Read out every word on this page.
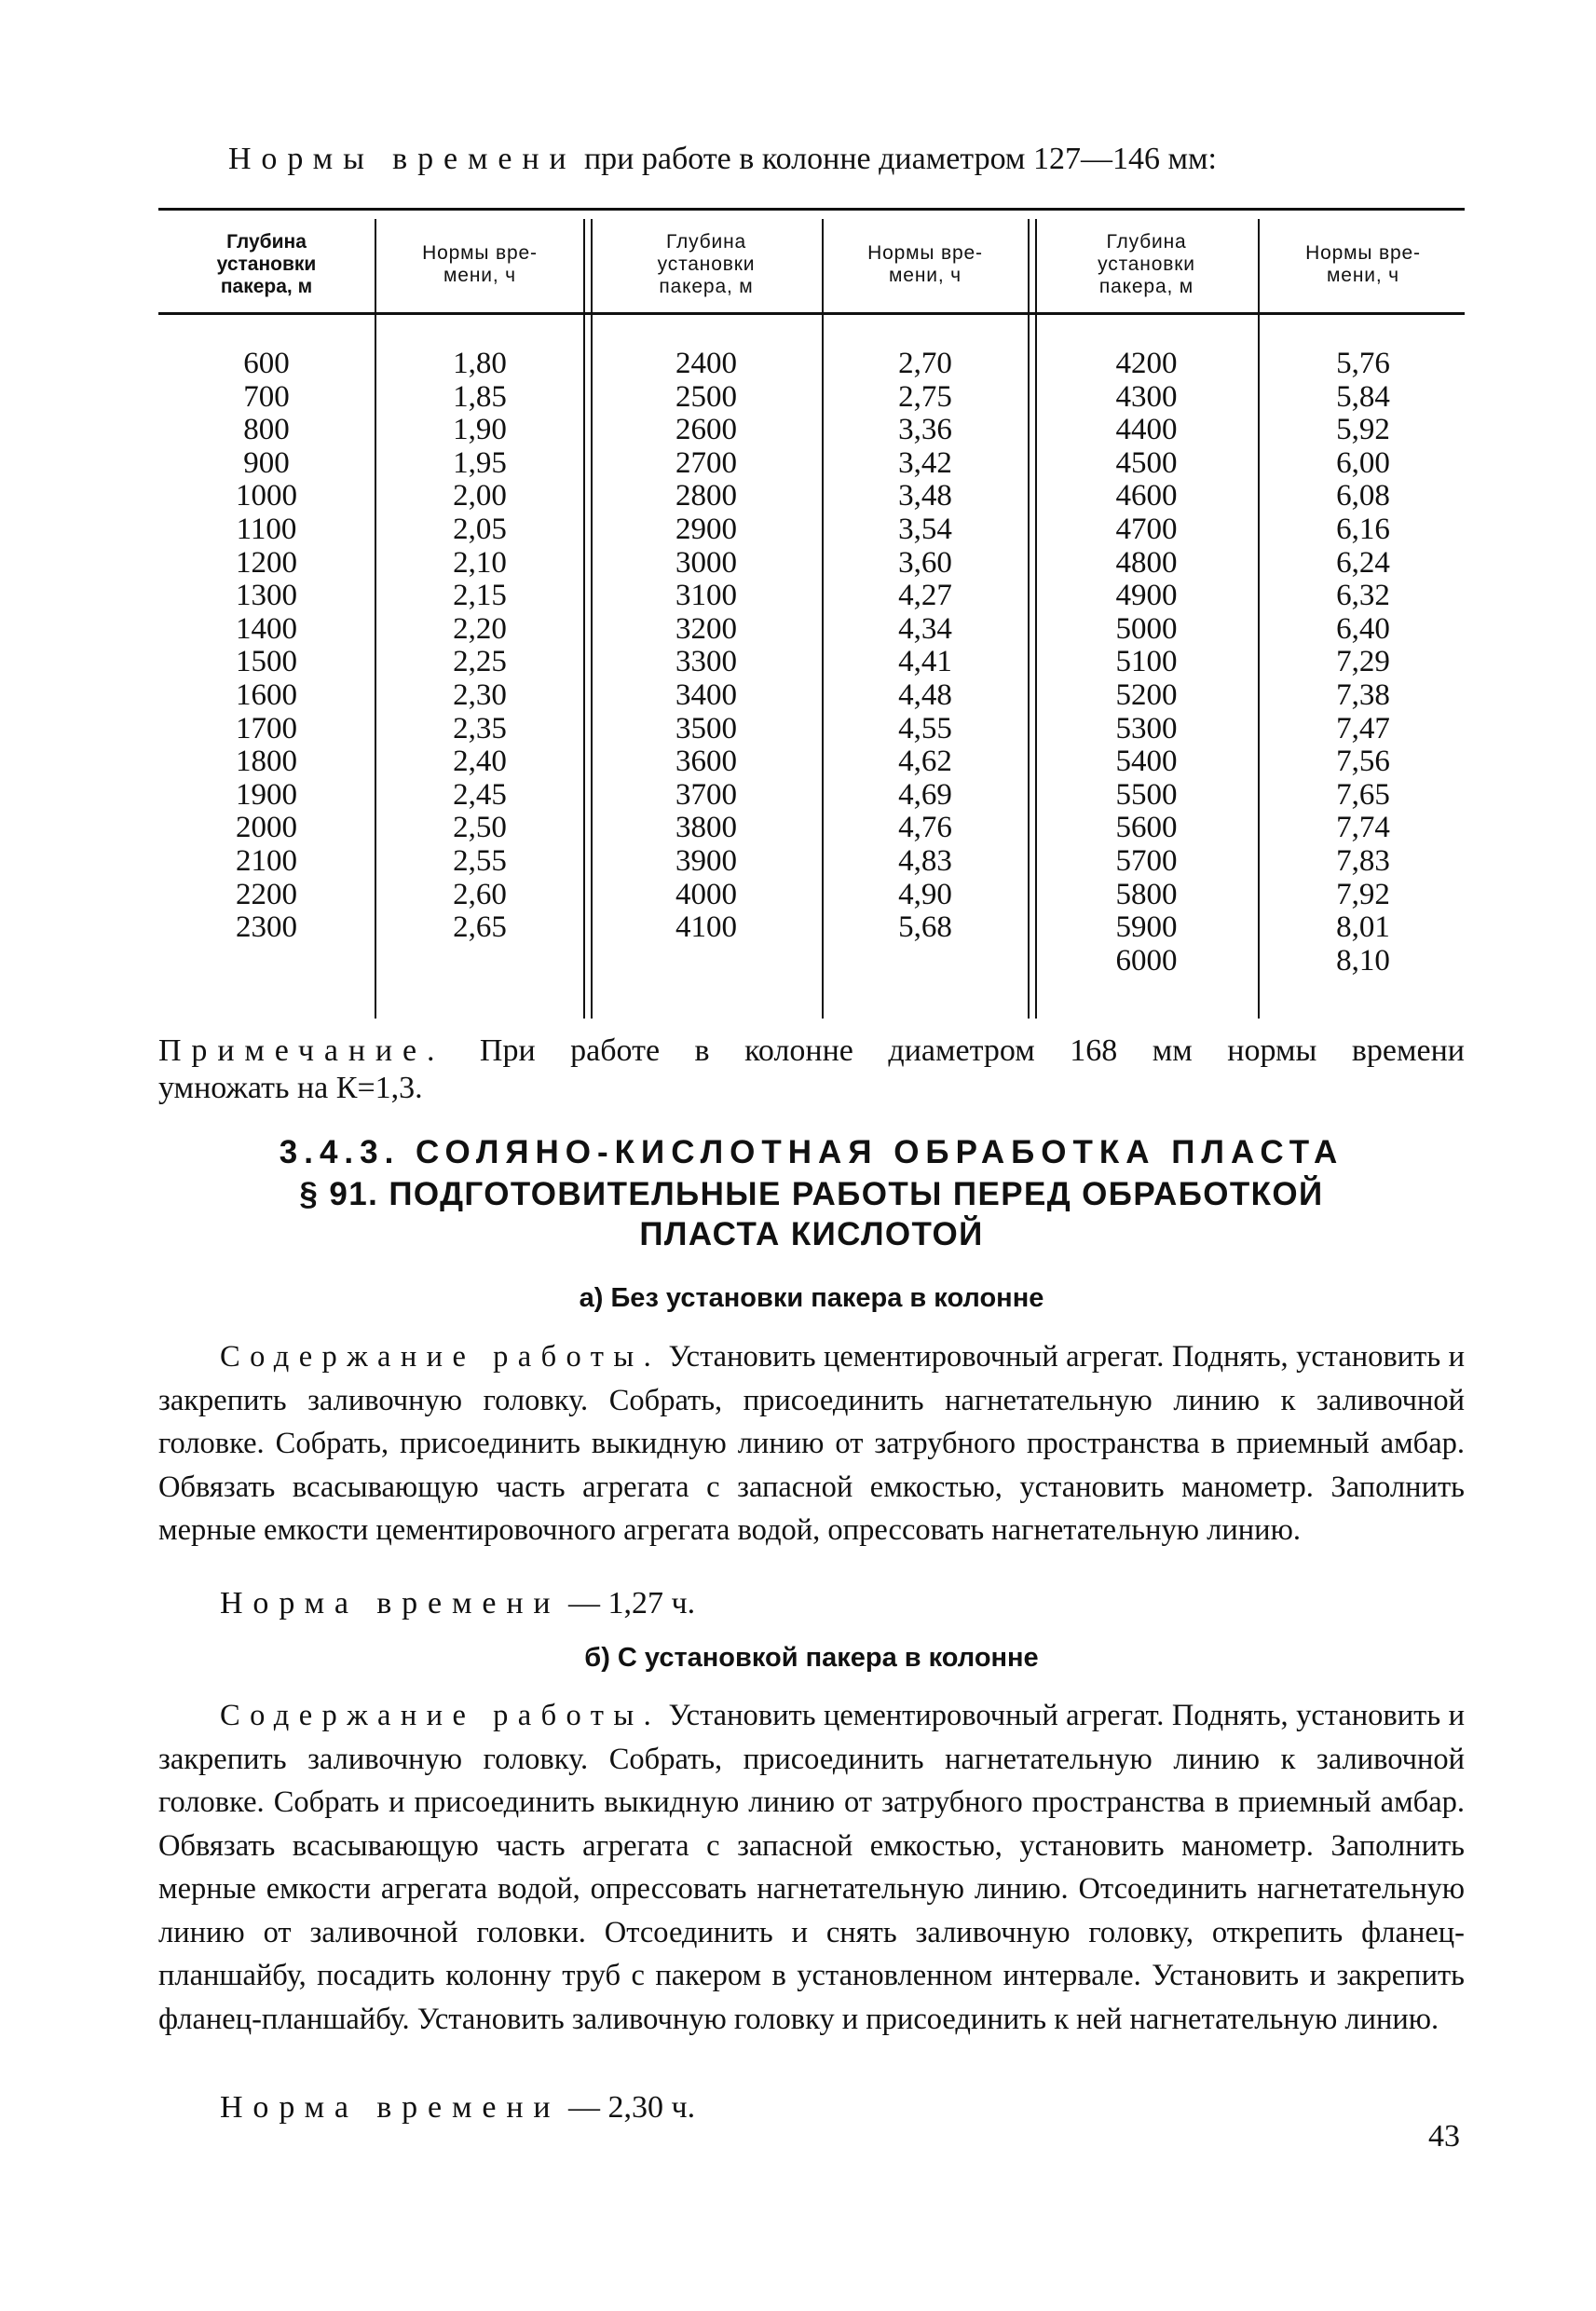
Нормы времени при работе в колонне диаметром 127—146 мм:
Глубина
установки
пакера, м
Нормы вре-
мени, ч
Глубина
установки
пакера, м
Нормы вре-
мени, ч
Глубина
установки
пакера, м
Нормы вре-
мени, ч
600
700
800
900
1000
1100
1200
1300
1400
1500
1600
1700
1800
1900
2000
2100
2200
2300
1,80
1,85
1,90
1,95
2,00
2,05
2,10
2,15
2,20
2,25
2,30
2,35
2,40
2,45
2,50
2,55
2,60
2,65
2400
2500
2600
2700
2800
2900
3000
3100
3200
3300
3400
3500
3600
3700
3800
3900
4000
4100
2,70
2,75
3,36
3,42
3,48
3,54
3,60
4,27
4,34
4,41
4,48
4,55
4,62
4,69
4,76
4,83
4,90
5,68
4200
4300
4400
4500
4600
4700
4800
4900
5000
5100
5200
5300
5400
5500
5600
5700
5800
5900
6000
5,76
5,84
5,92
6,00
6,08
6,16
6,24
6,32
6,40
7,29
7,38
7,47
7,56
7,65
7,74
7,83
7,92
8,01
8,10
Примечание. При работе в колонне диаметром 168 мм нормы времени
умножать на К=1,3.
3.4.3. СОЛЯНО-КИСЛОТНАЯ ОБРАБОТКА ПЛАСТА
§ 91. ПОДГОТОВИТЕЛЬНЫЕ РАБОТЫ ПЕРЕД ОБРАБОТКОЙ
ПЛАСТА КИСЛОТОЙ
а) Без установки пакера в колонне
Содержание работы. Установить цементировочный агрегат. Поднять, установить и закрепить заливочную головку. Собрать, присоединить нагнетательную линию к заливочной головке. Собрать, присоединить выкидную линию от затрубного пространства в приемный амбар. Обвязать всасывающую часть агрегата с запасной емкостью, установить манометр. Заполнить мерные емкости цементировочного агрегата водой, опрессовать нагнетательную линию.
Норма времени — 1,27 ч.
б) С установкой пакера в колонне
Содержание работы. Установить цементировочный агрегат. Поднять, установить и закрепить заливочную головку. Собрать, присоединить нагнетательную линию к заливочной головке. Собрать и присоединить выкидную линию от затрубного пространства в приемный амбар. Обвязать всасывающую часть агрегата с запасной емкостью, установить манометр. Заполнить мерные емкости агрегата водой, опрессовать нагнетательную линию. Отсоединить нагнетательную линию от заливочной головки. Отсоединить и снять заливочную головку, открепить фланец-планшайбу, посадить колонну труб с пакером в установленном интервале. Установить и закрепить фланец-планшайбу. Установить заливочную головку и присоединить к ней нагнетательную линию.
Норма времени — 2,30 ч.
43
